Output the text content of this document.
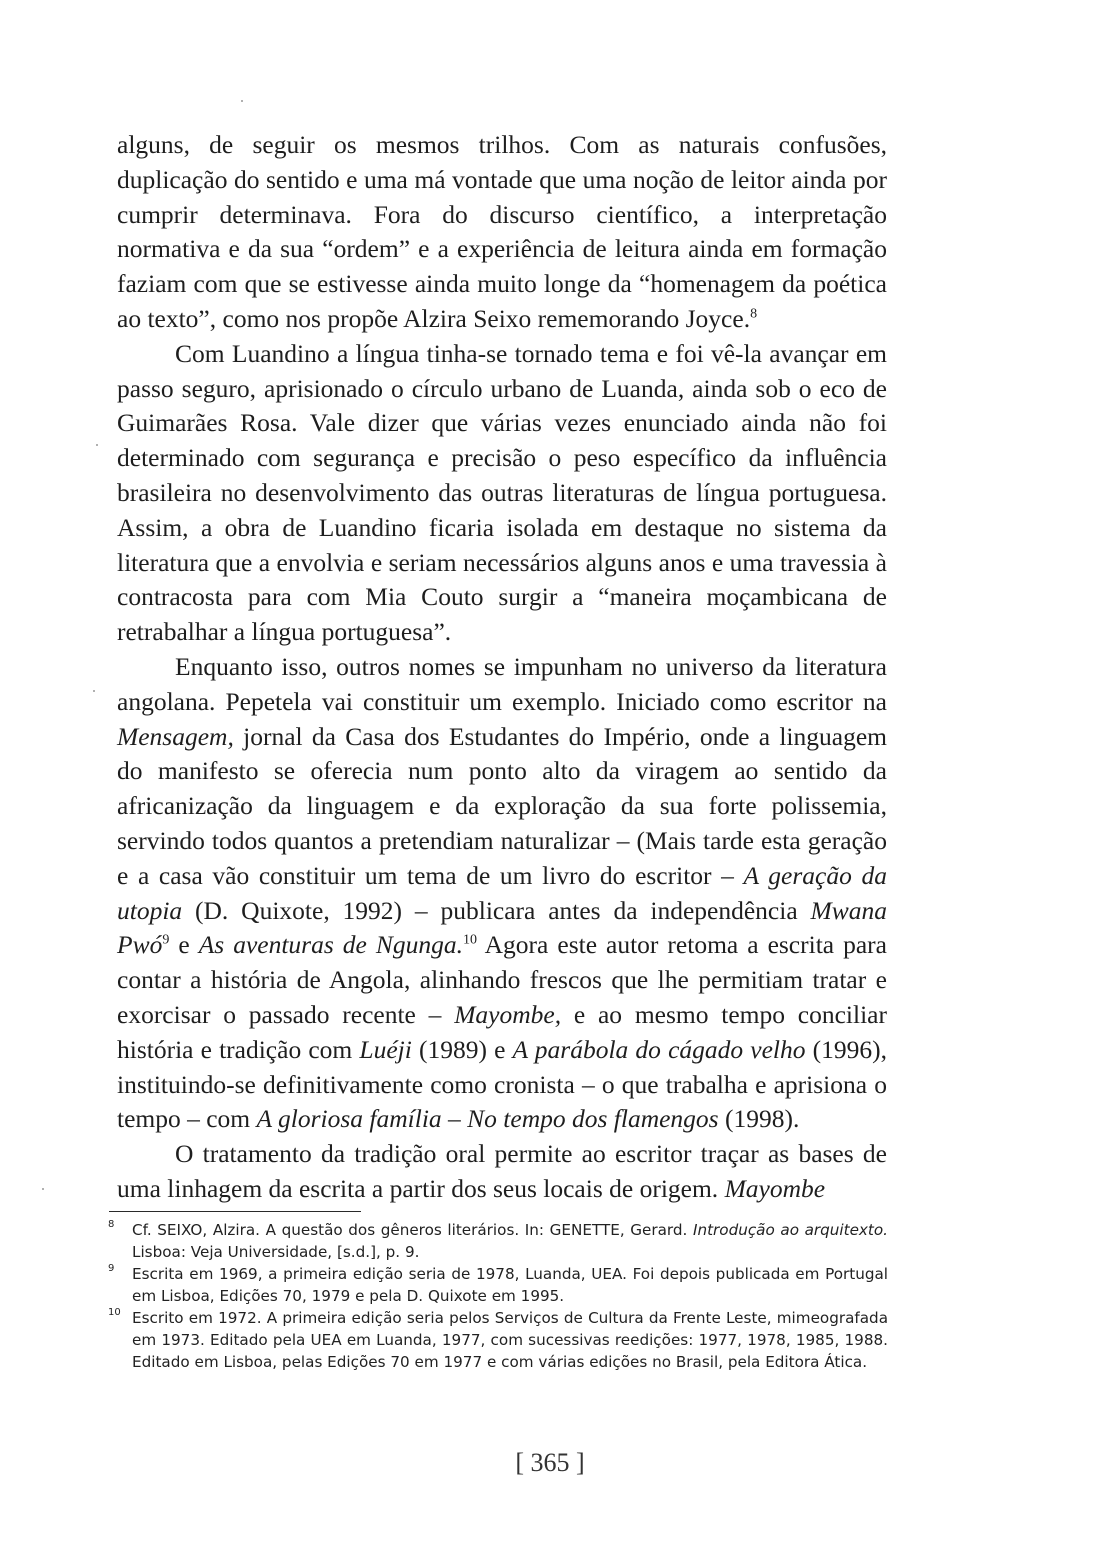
alguns, de seguir os mesmos trilhos. Com as naturais confusões, duplicação do sentido e uma má vontade que uma noção de leitor ainda por cumprir determinava. Fora do discurso científico, a interpretação normativa e da sua “ordem” e a experiência de leitura ainda em formação faziam com que se estivesse ainda muito longe da “homenagem da poética ao texto”, como nos propõe Alzira Seixo rememorando Joyce.$^8$

Com Luandino a língua tinha-se tornado tema e foi vê-la avançar em passo seguro, aprisionado o círculo urbano de Luanda, ainda sob o eco de Guimarães Rosa. Vale dizer que várias vezes enunciado ainda não foi determinado com segurança e precisão o peso específico da influência brasileira no desenvolvimento das outras literaturas de língua portuguesa. Assim, a obra de Luandino ficaria isolada em destaque no sistema da literatura que a envolvia e seriam necessários alguns anos e uma travessia à contracosta para com Mia Couto surgir a “maneira moçambicana de retrabalhar a língua portuguesa”.

Enquanto isso, outros nomes se impunham no universo da literatura angolana. Pepetela vai constituir um exemplo. Iniciado como escritor na Mensagem, jornal da Casa dos Estudantes do Império, onde a linguagem do manifesto se oferecia num ponto alto da viragem ao sentido da africanização da linguagem e da exploração da sua forte polissemia, servindo todos quantos a pretendiam naturalizar – (Mais tarde esta geração e a casa vão constituir um tema de um livro do escritor – A geração da utopia (D. Quixote, 1992) – publicara antes da independência Mwana Pwó$^9$ e As aventuras de Ngunga.$^{10}$ Agora este autor retoma a escrita para contar a história de Angola, alinhando frescos que lhe permitiam tratar e exorcisar o passado recente – Mayombe, e ao mesmo tempo conciliar história e tradição com Luéji (1989) e A parábola do cágado velho (1996), instituindo-se definitivamente como cronista – o que trabalha e aprisiona o tempo – com A gloriosa família – No tempo dos flamengos (1998).

O tratamento da tradição oral permite ao escritor traçar as bases de uma linhagem da escrita a partir dos seus locais de origem. Mayombe

8 Cf. SEIXO, Alzira. A questão dos gêneros literários. In: GENETTE, Gerard. Introdução ao arquitexto. Lisboa: Veja Universidade, [s.d.], p. 9.
9 Escrita em 1969, a primeira edição seria de 1978, Luanda, UEA. Foi depois publicada em Portugal em Lisboa, Edições 70, 1979 e pela D. Quixote em 1995.
10 Escrito em 1972. A primeira edição seria pelos Serviços de Cultura da Frente Leste, mimeografada em 1973. Editado pela UEA em Luanda, 1977, com sucessivas reedições: 1977, 1978, 1985, 1988. Editado em Lisboa, pelas Edições 70 em 1977 e com várias edições no Brasil, pela Editora Ática.
[ 365 ]
